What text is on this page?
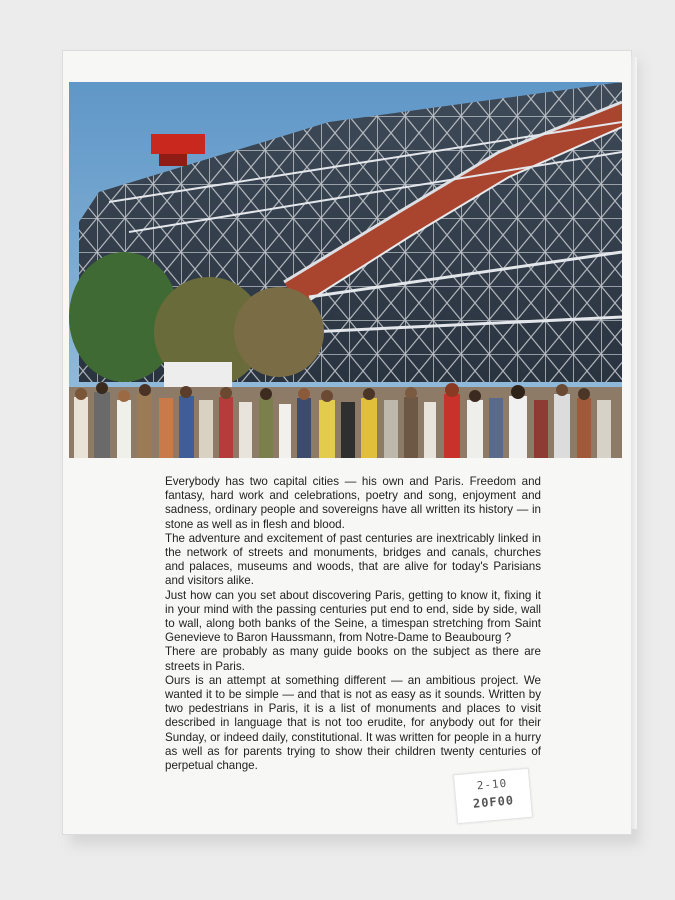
Everybody has two capital cities — his own and Paris. Freedom and fantasy, hard work and celebrations, poetry and song, enjoyment and sadness, ordinary people and sovereigns have all written its history — in stone as well as in flesh and blood.

The adventure and excitement of past centuries are inextricably linked in the network of streets and monuments, bridges and canals, churches and palaces, museums and woods, that are alive for today's Parisians and visitors alike.

Just how can you set about discovering Paris, getting to know it, fixing it in your mind with the passing centuries put end to end, side by side, wall to wall, along both banks of the Seine, a timespan stretching from Saint Genevieve to Baron Haussmann, from Notre-Dame to Beaubourg ?

There are probably as many guide books on the subject as there are streets in Paris.

Ours is an attempt at something different — an ambitious project. We wanted it to be simple — and that is not as easy as it sounds. Written by two pedestrians in Paris, it is a list of monuments and places to visit described in language that is not too erudite, for anybody out for their Sunday, or indeed daily, constitutional. It was written for people in a hurry as well as for parents trying to show their children twenty centuries of perpetual change.

2-10
20F00
